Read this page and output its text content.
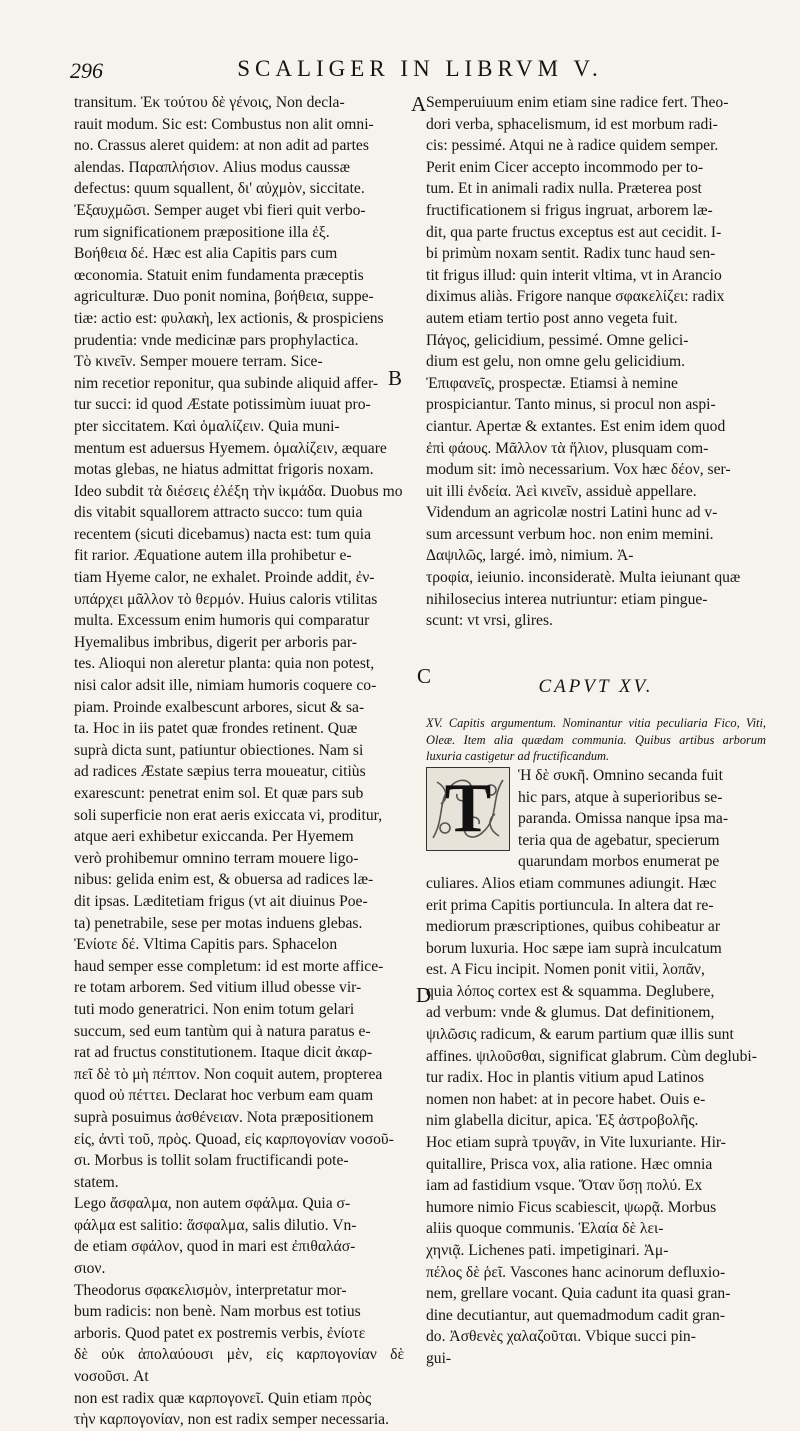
296	SCALIGER IN LIBRVM V.
A
B
C
D

transitum. Ἐκ τούτου δὲ γένοις, Non decla-

rauit modum. Sic est: Combustus non alit omni-

no. Crassus aleret quidem: at non adit ad partes

alendas. Παραπλήσιον. Alius modus caussæ

defectus: quum squallent, δι' αὐχμὸν, siccitate.

Ἐξαυχμῶσι. Semper auget vbi fieri quit verbo-

rum significationem præpositione illa ἐξ.

Βοήθεια δέ. Hæc est alia Capitis pars cum

œconomia. Statuit enim fundamenta præceptis

agriculturæ. Duo ponit nomina, βοήθεια, suppe-

tiæ: actio est: φυλακὴ, lex actionis, & prospiciens

prudentia: vnde medicinæ pars prophylactica.

Τὸ κινεῖν. Semper mouere terram. Sice-

nim recetior reponitur, qua subinde aliquid affer-

tur succi: id quod Æstate potissimùm iuuat pro-

pter siccitatem. Καὶ ὁμαλίζειν. Quia muni-

mentum est aduersus Hyemem. ὁμαλίζειν, æquare

motas glebas, ne hiatus admittat frigoris noxam.

Ideo subdit τὰ διέσεις ἐλέξη τὴν ἰκμάδα. Duobus mo

dis vitabit squallorem attracto succo: tum quia

recentem (sicuti dicebamus) nacta est: tum quia

fit rarior. Æquatione autem illa prohibetur e-

tiam Hyeme calor, ne exhalet. Proinde addit, ἐν-

υπάρχει μᾶλλον τὸ θερμόν. Huius caloris vtilitas

multa. Excessum enim humoris qui comparatur

Hyemalibus imbribus, digerit per arboris par-

tes. Alioqui non aleretur planta: quia non potest,

nisi calor adsit ille, nimiam humoris coquere co-

piam. Proinde exalbescunt arbores, sicut & sa-

ta. Hoc in iis patet quæ frondes retinent. Quæ

suprà dicta sunt, patiuntur obiectiones. Nam si

ad radices Æstate sæpius terra moueatur, citiùs

exarescunt: penetrat enim sol. Et quæ pars sub

soli superficie non erat aeris exiccata vi, proditur,

atque aeri exhibetur exiccanda. Per Hyemem

verò prohibemur omnino terram mouere ligo-

nibus: gelida enim est, & obuersa ad radices læ-

dit ipsas. Læditetiam frigus (vt ait diuinus Poe-

ta) penetrabile, sese per motas induens glebas.

Ἐνίοτε δέ. Vltima Capitis pars. Sphacelon

haud semper esse completum: id est morte affice-

re totam arborem. Sed vitium illud obesse vir-

tuti modo generatrici. Non enim totum gelari

succum, sed eum tantùm qui à natura paratus e-

rat ad fructus constitutionem. Itaque dicit ἀκαρ-

πεῖ δὲ τὸ μὴ πέπτον. Non coquit autem, propterea

quod οὐ πέττει. Declarat hoc verbum eam quam

suprà posuimus ἀσθένειαν. Nota præpositionem

εἰς, ἀντὶ τοῦ, πρὸς. Quoad, εἰς καρπογονίαν νοσοῦ-

σι. Morbus is tollit solam fructificandi pote-

statem.

Lego ἄσφαλμα, non autem σφάλμα. Quia σ-

φάλμα est salitio: ἄσφαλμα, salis dilutio. Vn-

de etiam σφάλον, quod in mari est ἐπιθαλάσ-

σιον.

Theodorus σφακελισμὸν, interpretatur mor-

bum radicis: non benè. Nam morbus est totius

arboris. Quod patet ex postremis verbis, ἐνίοτε

δὲ οὐκ ἀπολαύουσι μὲν, εἰς καρπογονίαν δὲ νοσοῦσι. At

non est radix quæ καρπογονεῖ. Quin etiam πρὸς

τὴν καρπογονίαν, non est radix semper necessaria.

Semperuiuum enim etiam sine radice fert. Theo-

dori verba, sphacelismum, id est morbum radi-

cis: pessimé. Atqui ne à radice quidem semper.

Perit enim Cicer accepto incommodo per to-

tum. Et in animali radix nulla. Præterea post

fructificationem si frigus ingruat, arborem læ-

dit, qua parte fructus exceptus est aut cecidit. I-

bi primùm noxam sentit. Radix tunc haud sen-

tit frigus illud: quin interit vltima, vt in Arancio

diximus aliàs. Frigore nanque σφακελίζει: radix

autem etiam tertio post anno vegeta fuit.

Πάγος, gelicidium, pessimé. Omne gelici-

dium est gelu, non omne gelu gelicidium.

Ἐπιφανεῖς, prospectæ. Etiamsi à nemine

prospiciantur. Tanto minus, si procul non aspi-

ciantur. Apertæ & extantes. Est enim idem quod

ἐπὶ φάους. Μᾶλλον τὰ ἥλιον, plusquam com-

modum sit: imò necessarium. Vox hæc δέον, ser-

uit illi ἐνδεία. Ἀεὶ κινεῖν, assiduè appellare.

Videndum an agricolæ nostri Latini hunc ad v-

sum arcessunt verbum hoc. non enim memini.

Δαψιλῶς, largé. imò, nimium. Ἀ-

τροφία, ieiunio. inconsideratè. Multa ieiunant quæ

nihilosecius interea nutriuntur: etiam pingue-

scunt: vt vrsi, glires.

CAPVT XV.

XV. Capitis argumentum. Nominantur vitia peculiaria Fico, Viti, Oleæ. Item alia quædam communia. Quibus artibus arborum luxuria castigetur ad fructificandum.

T	Ἡ δὲ συκῆ. Omnino secanda fuit

hic pars, atque à superioribus se-

paranda. Omissa nanque ipsa ma-

teria qua de agebatur, specierum

quarundam morbos enumerat pe

culiares. Alios etiam communes adiungit. Hæc

erit prima Capitis portiuncula. In altera dat re-

mediorum præscriptiones, quibus cohibeatur ar

borum luxuria. Hoc sæpe iam suprà inculcatum

est. A Ficu incipit. Nomen ponit vitii, λοπᾶν,

quia λόπος cortex est & squamma. Deglubere,

ad verbum: vnde & glumus. Dat definitionem,

ψιλῶσις radicum, & earum partium quæ illis sunt

affines. ψιλοῦσθαι, significat glabrum. Cùm deglubi-

tur radix. Hoc in plantis vitium apud Latinos

nomen non habet: at in pecore habet. Ouis e-

nim glabella dicitur, apica. Ἐξ ἀστροβολῆς.

Hoc etiam suprà τρυγᾶν, in Vite luxuriante. Hir-

quitallire, Prisca vox, alia ratione. Hæc omnia

iam ad fastidium vsque. Ὅταν ὕσῃ πολύ. Ex

humore nimio Ficus scabiescit, ψωρᾷ. Morbus

aliis quoque communis. Ἐλαία δὲ λει-

χηνιᾷ. Lichenes pati. impetiginari. Ἀμ-

πέλος δὲ ῥεῖ. Vascones hanc acinorum defluxio-

nem, grellare vocant. Quia cadunt ita quasi gran-

dine decutiantur, aut quemadmodum cadit gran-

do. Ἀσθενὲς χαλαζοῦται. Vbique succi pin-

gui-
